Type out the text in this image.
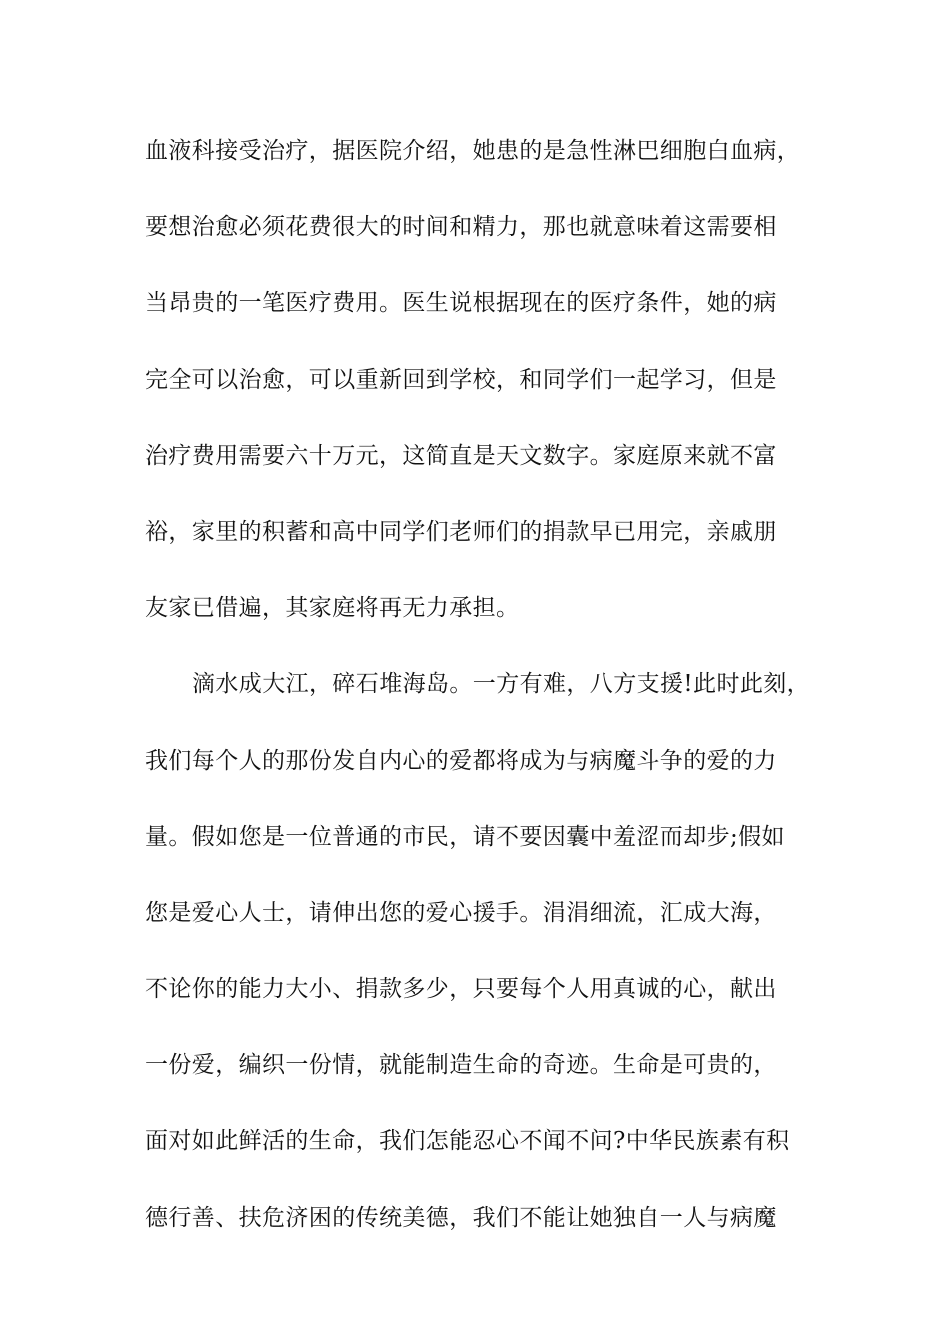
血液科接受治疗，据医院介绍，她患的是急性淋巴细胞白血病，
要想治愈必须花费很大的时间和精力，那也就意味着这需要相
当昂贵的一笔医疗费用。医生说根据现在的医疗条件，她的病
完全可以治愈，可以重新回到学校，和同学们一起学习，但是
治疗费用需要六十万元，这简直是天文数字。家庭原来就不富
裕，家里的积蓄和高中同学们老师们的捐款早已用完，亲戚朋
友家已借遍，其家庭将再无力承担。
滴水成大江，碎石堆海岛。一方有难，八方支援!此时此刻，
我们每个人的那份发自内心的爱都将成为与病魔斗争的爱的力
量。假如您是一位普通的市民，请不要因囊中羞涩而却步;假如
您是爱心人士，请伸出您的爱心援手。涓涓细流，汇成大海，
不论你的能力大小、捐款多少，只要每个人用真诚的心，献出
一份爱，编织一份情，就能制造生命的奇迹。生命是可贵的，
面对如此鲜活的生命，我们怎能忍心不闻不问?中华民族素有积
德行善、扶危济困的传统美德，我们不能让她独自一人与病魔
